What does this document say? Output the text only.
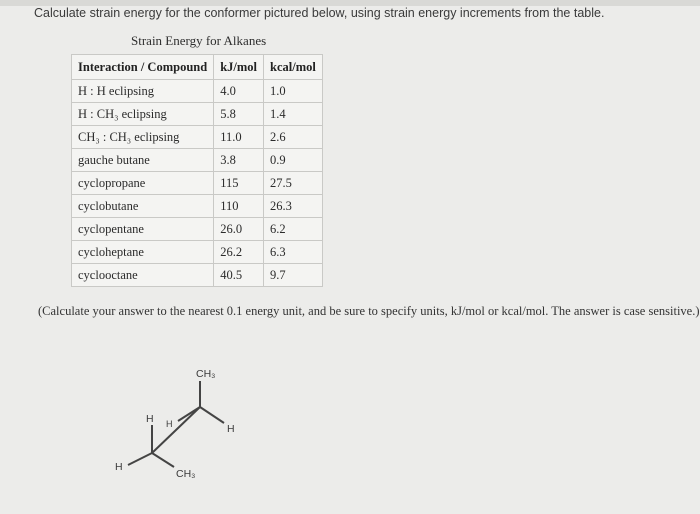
Calculate strain energy for the conformer pictured below, using strain energy increments from the table.
Strain Energy for Alkanes
Interaction / Compound	kJ/mol	kcal/mol
H : H eclipsing	4.0	1.0
H : CH₃ eclipsing	5.8	1.4
CH₃ : CH₃ eclipsing	11.0	2.6
gauche butane	3.8	0.9
cyclopropane	115	27.5
cyclobutane	110	26.3
cyclopentane	26.0	6.2
cycloheptane	26.2	6.3
cyclooctane	40.5	9.7
(Calculate your answer to the nearest 0.1 energy unit, and be sure to specify units, kJ/mol or kcal/mol. The answer is case sensitive.)
CH₃
H
H H
H
CH₃
